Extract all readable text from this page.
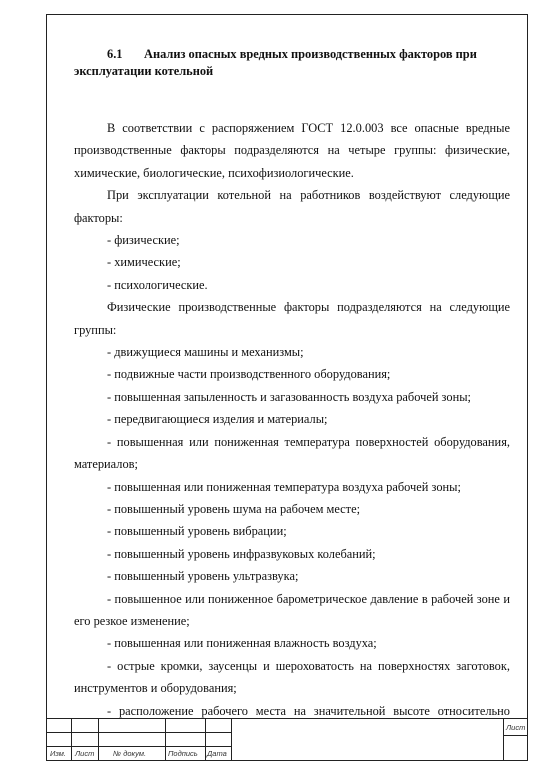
6.1 Анализ опасных вредных производственных факторов при эксплуатации котельной

В соответствии с распоряжением ГОСТ 12.0.003 все опасные вредные производственные факторы подразделяются на четыре группы: физические, химические, биологические, психофизиологические.

При эксплуатации котельной на работников воздействуют следующие факторы:

- физические;

- химические;

- психологические.

Физические производственные факторы подразделяются на следующие группы:

- движущиеся машины и механизмы;

- подвижные части производственного оборудования;

- повышенная запыленность и загазованность воздуха рабочей зоны;

- передвигающиеся изделия и материалы;

- повышенная или пониженная температура поверхностей оборудования, материалов;

- повышенная или пониженная температура воздуха рабочей зоны;

- повышенный уровень шума на рабочем месте;

- повышенный уровень вибрации;

- повышенный уровень инфразвуковых колебаний;

- повышенный уровень ультразвука;

- повышенное или пониженное барометрическое давление в рабочей зоне и его резкое изменение;

- повышенная или пониженная влажность воздуха;

- острые кромки, заусенцы и шероховатость на поверхностях заготовок, инструментов и оборудования;

- расположение рабочего места на значительной высоте относительно

Изм. Лист № докум.	Подпись Дата
Лист
